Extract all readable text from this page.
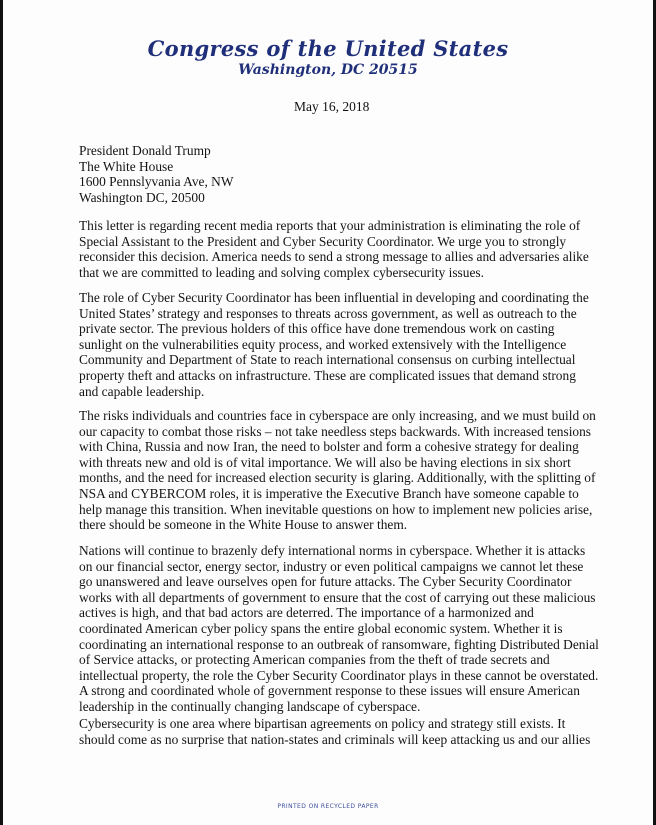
Congress of the United States
Washington, DC 20515
May 16, 2018
President Donald Trump
The White House
1600 Pennslyvania Ave, NW
Washington DC, 20500
This letter is regarding recent media reports that your administration is eliminating the role of
Special Assistant to the President and Cyber Security Coordinator. We urge you to strongly
reconsider this decision. America needs to send a strong message to allies and adversaries alike
that we are committed to leading and solving complex cybersecurity issues.
The role of Cyber Security Coordinator has been influential in developing and coordinating the
United States’ strategy and responses to threats across government, as well as outreach to the
private sector. The previous holders of this office have done tremendous work on casting
sunlight on the vulnerabilities equity process, and worked extensively with the Intelligence
Community and Department of State to reach international consensus on curbing intellectual
property theft and attacks on infrastructure. These are complicated issues that demand strong
and capable leadership.
The risks individuals and countries face in cyberspace are only increasing, and we must build on
our capacity to combat those risks – not take needless steps backwards. With increased tensions
with China, Russia and now Iran, the need to bolster and form a cohesive strategy for dealing
with threats new and old is of vital importance. We will also be having elections in six short
months, and the need for increased election security is glaring. Additionally, with the splitting of
NSA and CYBERCOM roles, it is imperative the Executive Branch have someone capable to
help manage this transition. When inevitable questions on how to implement new policies arise,
there should be someone in the White House to answer them.
Nations will continue to brazenly defy international norms in cyberspace. Whether it is attacks
on our financial sector, energy sector, industry or even political campaigns we cannot let these
go unanswered and leave ourselves open for future attacks. The Cyber Security Coordinator
works with all departments of government to ensure that the cost of carrying out these malicious
actives is high, and that bad actors are deterred. The importance of a harmonized and
coordinated American cyber policy spans the entire global economic system. Whether it is
coordinating an international response to an outbreak of ransomware, fighting Distributed Denial
of Service attacks, or protecting American companies from the theft of trade secrets and
intellectual property, the role the Cyber Security Coordinator plays in these cannot be overstated.
A strong and coordinated whole of government response to these issues will ensure American
leadership in the continually changing landscape of cyberspace.
Cybersecurity is one area where bipartisan agreements on policy and strategy still exists. It
should come as no surprise that nation-states and criminals will keep attacking us and our allies
PRINTED ON RECYCLED PAPER
